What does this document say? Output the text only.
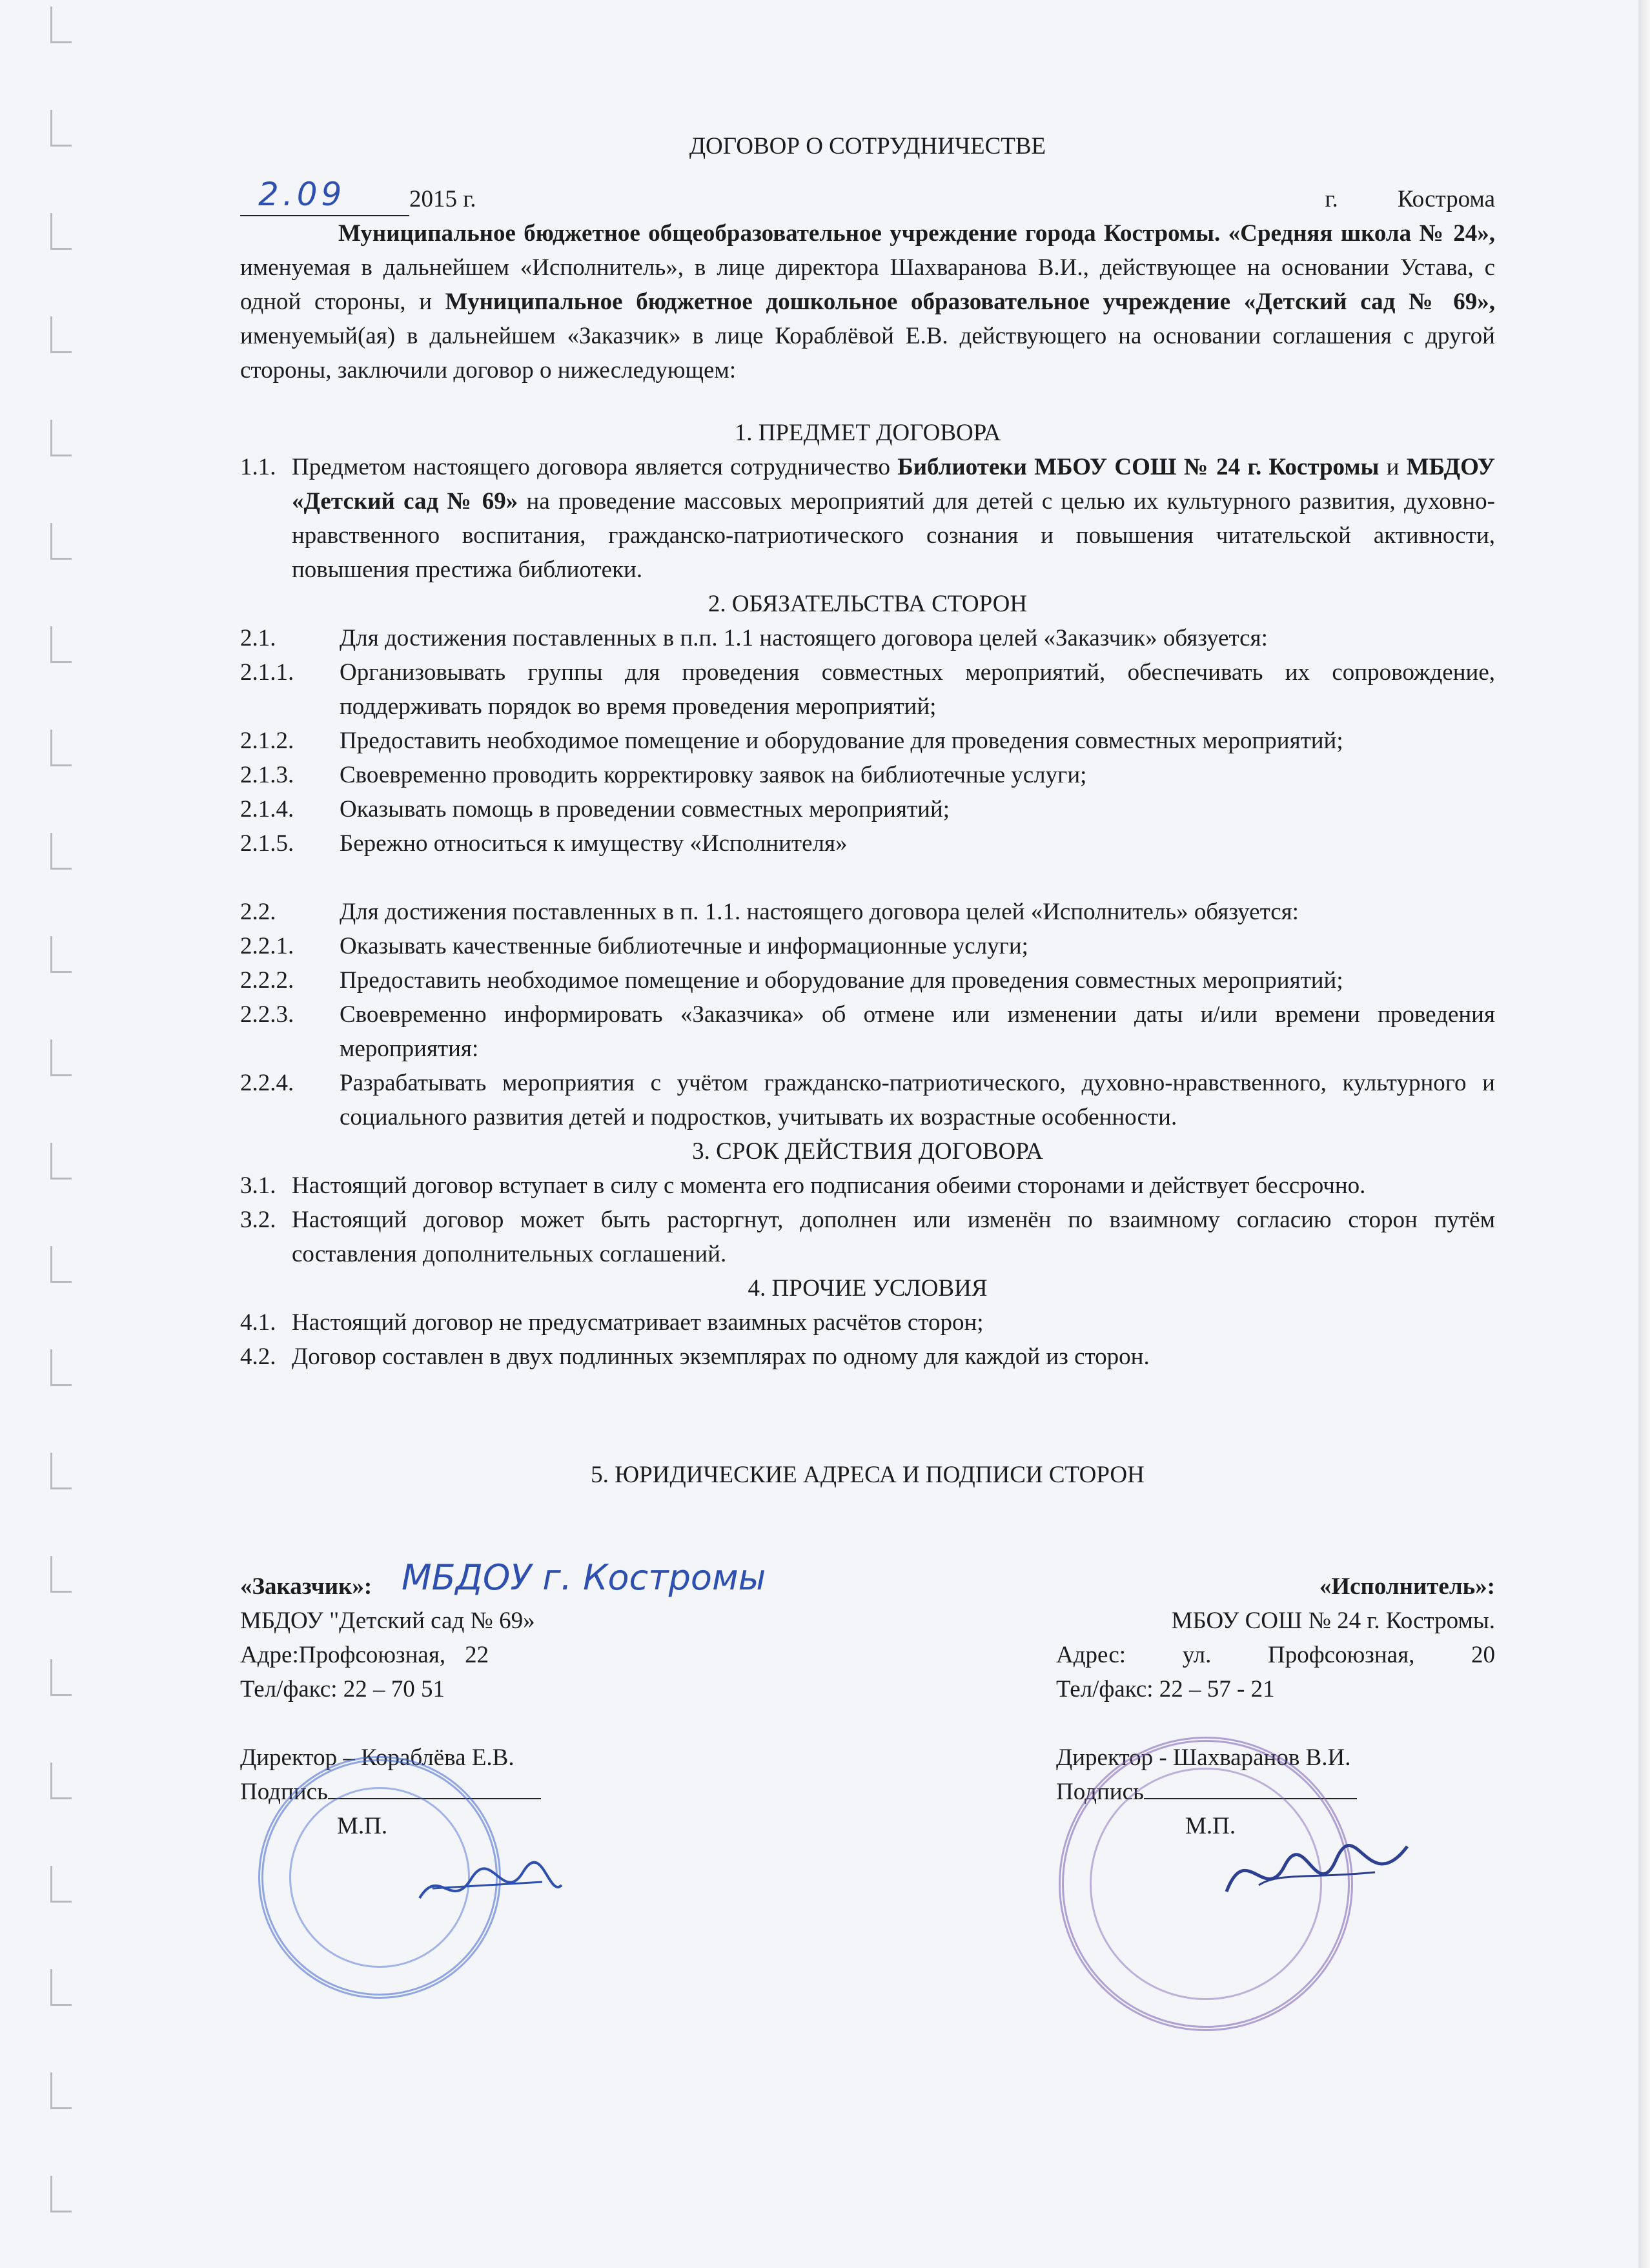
ДОГОВОР О СОТРУДНИЧЕСТВЕ
2.09	2015 г.	г. Кострома

Муниципальное бюджетное общеобразовательное учреждение города Костромы. «Средняя школа № 24», именуемая в дальнейшем «Исполнитель», в лице директора Шахваранова В.И., действующее на основании Устава, с одной стороны, и Муниципальное бюджетное дошкольное образовательное учреждение «Детский сад № 69», именуемый(ая) в дальнейшем «Заказчик» в лице Кораблёвой Е.В. действующего на основании соглашения с другой стороны, заключили договор о нижеследующем:

1. ПРЕДМЕТ ДОГОВОРА

1.1. Предметом настоящего договора является сотрудничество Библиотеки МБОУ СОШ № 24 г. Костромы и МБДОУ «Детский сад № 69» на проведение массовых мероприятий для детей с целью их культурного развития, духовно-нравственного воспитания, гражданско-патриотического сознания и повышения читательской активности, повышения престижа библиотеки.

2. ОБЯЗАТЕЛЬСТВА СТОРОН

2.1.	Для достижения поставленных в п.п. 1.1 настоящего договора целей «Заказчик» обязуется:
2.1.1.	Организовывать группы для проведения совместных мероприятий, обеспечивать их сопровождение, поддерживать порядок во время проведения мероприятий;
2.1.2.	Предоставить необходимое помещение и оборудование для проведения совместных мероприятий;
2.1.3.	Своевременно проводить корректировку заявок на библиотечные услуги;
2.1.4.	Оказывать помощь в проведении совместных мероприятий;
2.1.5.	Бережно относиться к имуществу «Исполнителя»
2.2.	Для достижения поставленных в п. 1.1. настоящего договора целей «Исполнитель» обязуется:
2.2.1.	Оказывать качественные библиотечные и информационные услуги;
2.2.2.	Предоставить необходимое помещение и оборудование для проведения совместных мероприятий;
2.2.3.	Своевременно информировать «Заказчика» об отмене или изменении даты и/или времени проведения мероприятия:
2.2.4.	Разрабатывать мероприятия с учётом гражданско-патриотического, духовно-нравственного, культурного и социального развития детей и подростков, учитывать их возрастные особенности.

3. СРОК ДЕЙСТВИЯ ДОГОВОРА

3.1. Настоящий договор вступает в силу с момента его подписания обеими сторонами и действует бессрочно.
3.2. Настоящий договор может быть расторгнут, дополнен или изменён по взаимному согласию сторон путём составления дополнительных соглашений.

4. ПРОЧИЕ УСЛОВИЯ

4.1. Настоящий договор не предусматривает взаимных расчётов сторон;
4.2. Договор составлен в двух подлинных экземплярах по одному для каждой из сторон.

5. ЮРИДИЧЕСКИЕ АДРЕСА И ПОДПИСИ СТОРОН

«Заказчик»: МБДОУ г. Костромы
МБДОУ "Детский сад № 69»
Адре:Профсоюзная, 22
Тел/факс: 22 – 70 51
Директор – Кораблёва Е.В.
Подпись
М.П.
«Исполнитель»:
МБОУ СОШ № 24 г. Костромы.
Адрес: ул. Профсоюзная, 20
Тел/факс: 22 – 57 - 21
Директор - Шахваранов В.И.
Подпись
М.П.
